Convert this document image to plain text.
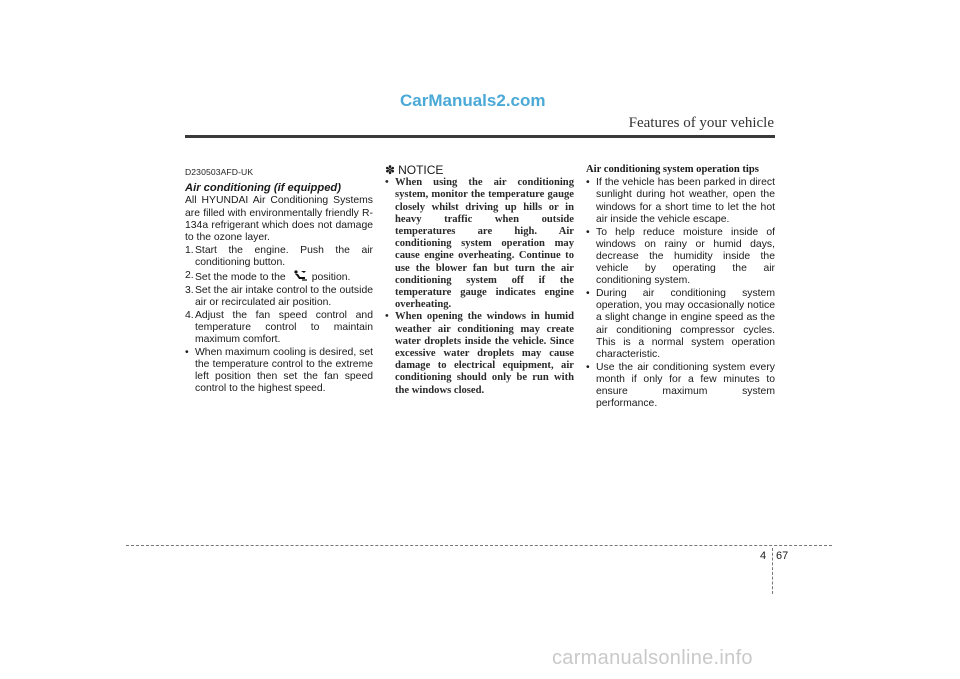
CarManuals2.com
Features of your vehicle
D230503AFD-UK
Air conditioning (if equipped)

All HYUNDAI Air Conditioning Systems are filled with environmentally friendly R-134a refrigerant which does not damage to the ozone layer.

1. Start the engine. Push the air conditioning button.
2. Set the mode to the	position.
3. Set the air intake control to the outside air or recirculated air position.
4. Adjust the fan speed control and temperature control to maintain maximum comfort.
• When maximum cooling is desired, set the temperature control to the extreme left position then set the fan speed control to the highest speed.
✽ NOTICE
• When using the air conditioning system, monitor the temperature gauge closely whilst driving up hills or in heavy traffic when outside temperatures are high. Air conditioning system operation may cause engine overheating. Continue to use the blower fan but turn the air conditioning system off if the temperature gauge indicates engine overheating.
• When opening the windows in humid weather air conditioning may create water droplets inside the vehicle. Since excessive water droplets may cause damage to electrical equipment, air conditioning should only be run with the windows closed.
Air conditioning system operation tips
• If the vehicle has been parked in direct sunlight during hot weather, open the windows for a short time to let the hot air inside the vehicle escape.
• To help reduce moisture inside of windows on rainy or humid days, decrease the humidity inside the vehicle by operating the air conditioning system.
• During air conditioning system operation, you may occasionally notice a slight change in engine speed as the air conditioning compressor cycles. This is a normal system operation characteristic.
• Use the air conditioning system every month if only for a few minutes to ensure maximum system performance.
4 67
carmanualsonline.info
